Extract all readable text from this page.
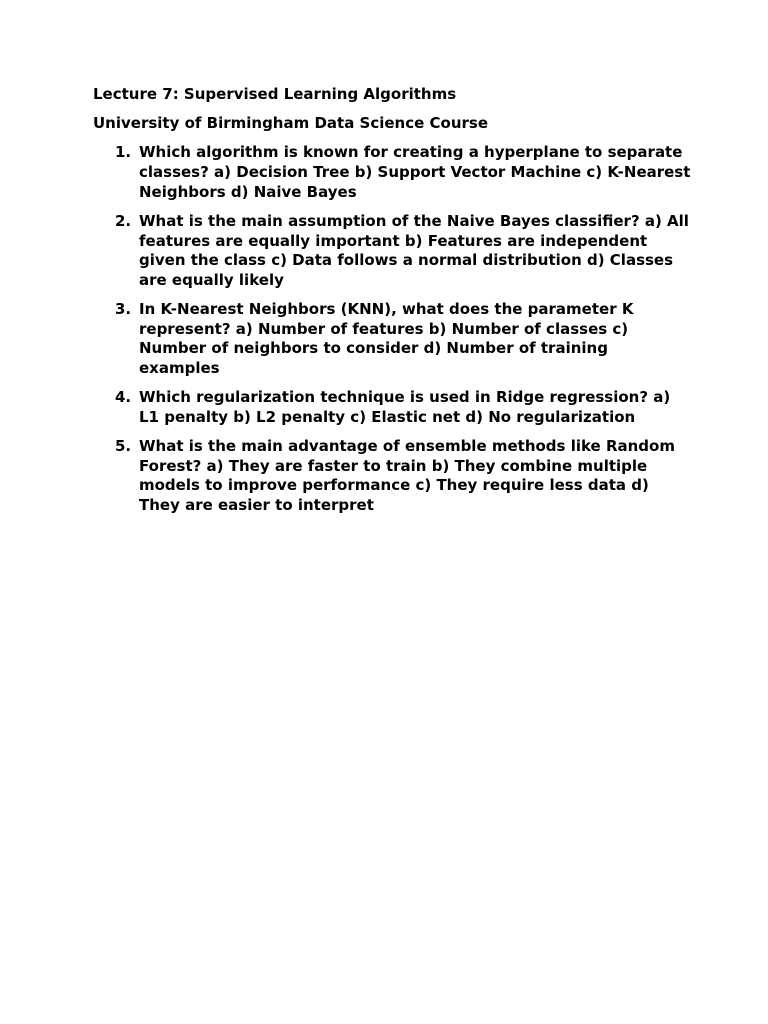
Lecture 7: Supervised Learning Algorithms
University of Birmingham Data Science Course
1. Which algorithm is known for creating a hyperplane to separate classes? a) Decision Tree b) Support Vector Machine c) K-Nearest Neighbors d) Naive Bayes
2. What is the main assumption of the Naive Bayes classifier? a) All features are equally important b) Features are independent given the class c) Data follows a normal distribution d) Classes are equally likely
3. In K-Nearest Neighbors (KNN), what does the parameter K represent? a) Number of features b) Number of classes c) Number of neighbors to consider d) Number of training examples
4. Which regularization technique is used in Ridge regression? a) L1 penalty b) L2 penalty c) Elastic net d) No regularization
5. What is the main advantage of ensemble methods like Random Forest? a) They are faster to train b) They combine multiple models to improve performance c) They require less data d) They are easier to interpret
